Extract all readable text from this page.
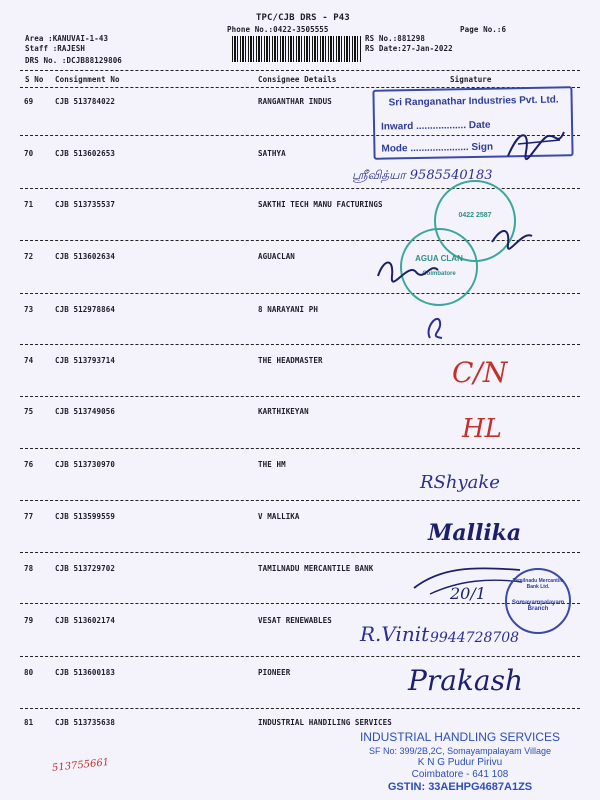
TPC/CJB DRS - P43
Phone No.:0422-3505555	Page No.:6
Area :KANUVAI-1-43
Staff :RAJESH
DRS No. :DCJB88129806
RS No.:881298
RS Date:27-Jan-2022
S No Consignment No	Consignee Details	Signature
69	CJB 513784022	RANGANTHAR INDUS
70	CJB 513602653	SATHYA
71	CJB 513735537	SAKTHI TECH MANU FACTURINGS
72	CJB 513602634	AGUACLAN
73	CJB 512978864	8 NARAYANI PH
74	CJB 513793714	THE HEADMASTER
75	CJB 513749056	KARTHIKEYAN
76	CJB 513730970	THE HM
77	CJB 513599559	V MALLIKA
78	CJB 513729702	TAMILNADU MERCANTILE BANK
79	CJB 513602174	VESAT RENEWABLES
80	CJB 513600183	PIONEER
81	CJB 513735638	INDUSTRIAL HANDILING SERVICES
Sri Ranganathar Industries Pvt. Ltd.
Inward .................. Date
Mode ..................... Sign
ஸ்ரீவித்யா 9585540183
0422 2587
AGUA CLAN
Coimbatore
C/N
HL
RShyake
Mallika
20/1
Tamilnadu Mercantile Bank Ltd.
Somayampalayam Branch
R.Vinit 9944728708
Prakash
INDUSTRIAL HANDLING SERVICES
SF No: 399/2B,2C, Somayampalayam Village
K N G Pudur Pirivu
Coimbatore - 641 108
GSTIN: 33AEHPG4687A1ZS
513755661
